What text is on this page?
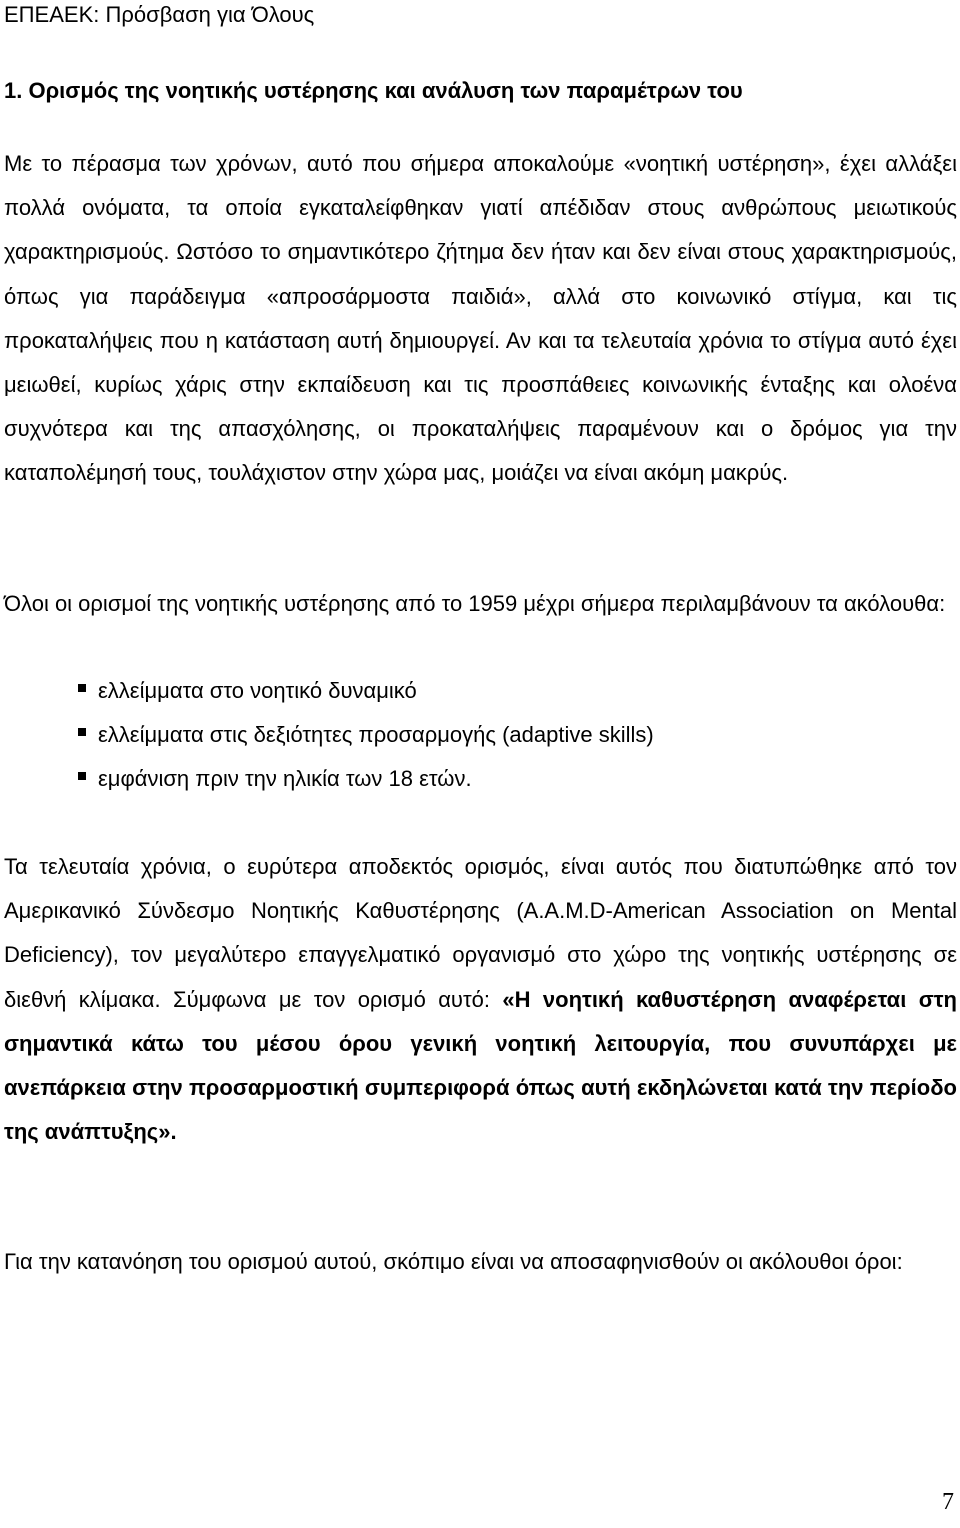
ΕΠΕΑΕΚ: Πρόσβαση για Όλους
1. Ορισμός της νοητικής υστέρησης και ανάλυση των παραμέτρων του

Με το πέρασμα των χρόνων, αυτό που σήμερα αποκαλούμε «νοητική υστέρηση», έχει αλλάξει πολλά ονόματα, τα οποία εγκαταλείφθηκαν γιατί απέδιδαν στους ανθρώπους μειωτικούς χαρακτηρισμούς. Ωστόσο το σημαντικότερο ζήτημα δεν ήταν και δεν είναι στους χαρακτηρισμούς, όπως για παράδειγμα «απροσάρμοστα παιδιά», αλλά στο κοινωνικό στίγμα, και τις προκαταλήψεις που η κατάσταση αυτή δημιουργεί. Αν και τα τελευταία χρόνια το στίγμα αυτό έχει μειωθεί, κυρίως χάρις στην εκπαίδευση και τις προσπάθειες κοινωνικής ένταξης και ολοένα συχνότερα και της απασχόλησης, οι προκαταλήψεις παραμένουν και ο δρόμος για την καταπολέμησή τους, τουλάχιστον στην χώρα μας, μοιάζει να είναι ακόμη μακρύς.

Όλοι οι ορισμοί της νοητικής υστέρησης από το 1959 μέχρι σήμερα περιλαμβάνουν τα ακόλουθα:

ελλείμματα στο νοητικό δυναμικό
ελλείμματα στις δεξιότητες προσαρμογής (adaptive skills)
εμφάνιση πριν την ηλικία των 18 ετών.

Τα τελευταία χρόνια, ο ευρύτερα αποδεκτός ορισμός, είναι αυτός που διατυπώθηκε από τον Αμερικανικό Σύνδεσμο Νοητικής Καθυστέρησης (A.A.M.D-American Association on Mental Deficiency), τον μεγαλύτερο επαγγελματικό οργανισμό στο χώρο της νοητικής υστέρησης σε διεθνή κλίμακα. Σύμφωνα με τον ορισμό αυτό: «Η νοητική καθυστέρηση αναφέρεται στη σημαντικά κάτω του μέσου όρου γενική νοητική λειτουργία, που συνυπάρχει με ανεπάρκεια στην προσαρμοστική συμπεριφορά όπως αυτή εκδηλώνεται κατά την περίοδο της ανάπτυξης».

Για την κατανόηση του ορισμού αυτού, σκόπιμο είναι να αποσαφηνισθούν οι ακόλουθοι όροι:

7
